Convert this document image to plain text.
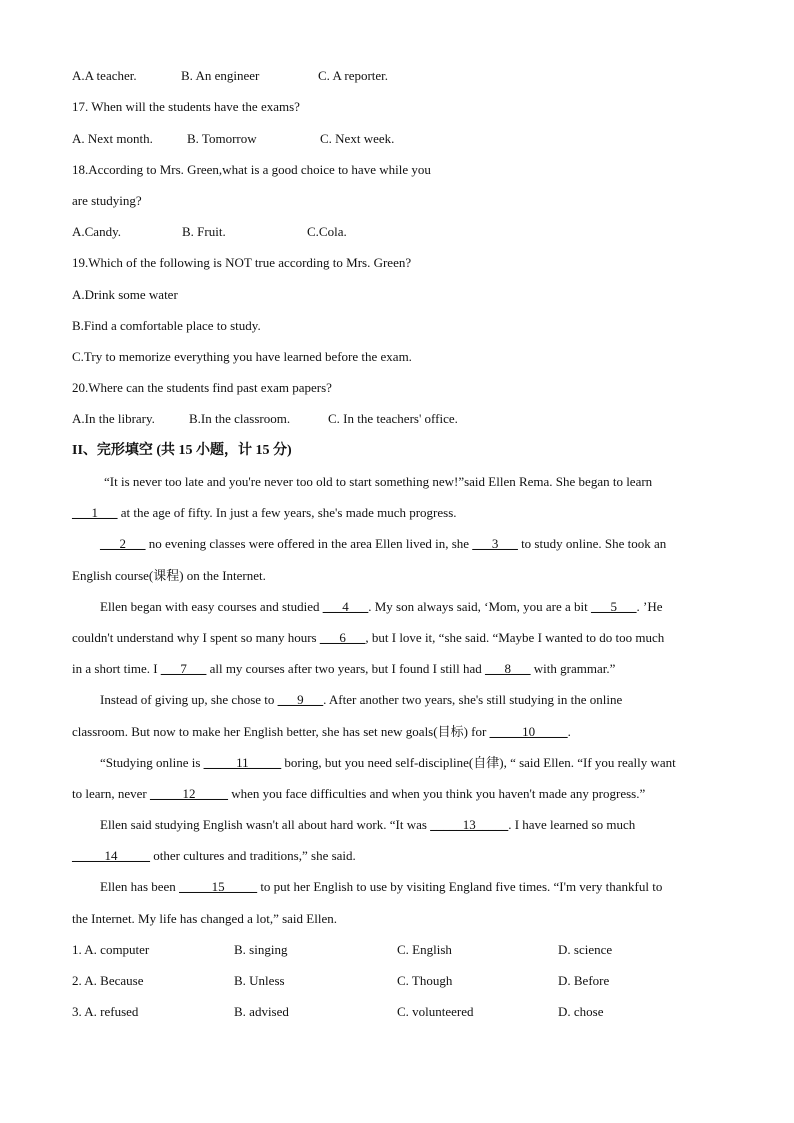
A.A teacher.	B. An engineer	C. A reporter.
17. When will the students have the exams?
A. Next month.	B. Tomorrow	C. Next week.
18.According to Mrs. Green,what is a good choice to have while you
are studying?
A.Candy.	B. Fruit.	C.Cola.
19.Which of the following is NOT true according to Mrs. Green?
A.Drink some water
B.Find a comfortable place to study.
C.Try to memorize everything you have learned before the exam.
20.Where can the students find past exam papers?
A.In the library.	B.In the classroom.	C. In the teachers' office.
II、完形填空 (共 15 小题，计 15 分)
“It is never too late and you're never too old to start something new!”said Ellen Rema. She began to learn
___1___ at the age of fifty. In just a few years, she's made much progress.
___2___ no evening classes were offered in the area Ellen lived in, she ___3___ to study online. She took an
English course(课程) on the Internet.
Ellen began with easy courses and studied ___4___. My son always said, ‘Mom, you are a bit ___5___. ’He
couldn't understand why I spent so many hours ___6___, but I love it, “she said. “Maybe I wanted to do too much
in a short time. I ___7___ all my courses after two years, but I found I still had ___8___ with grammar.”
Instead of giving up, she chose to ___9___. After another two years, she's still studying in the online
classroom. But now to make her English better, she has set new goals(目标) for _____10_____.
“Studying online is _____11_____ boring, but you need self-discipline(自律), “ said Ellen. “If you really want
to learn, never _____12_____ when you face difficulties and when you think you haven't made any progress.”
Ellen said studying English wasn't all about hard work. “It was _____13_____. I have learned so much
_____14_____ other cultures and traditions,” she said.
Ellen has been _____15_____ to put her English to use by visiting England five times. “I'm very thankful to
the Internet. My life has changed a lot,” said Ellen.
1. A. computer	B. singing	C. English	D. science
2. A. Because	B. Unless	C. Though	D. Before
3. A. refused	B. advised	C. volunteered	D. chose
